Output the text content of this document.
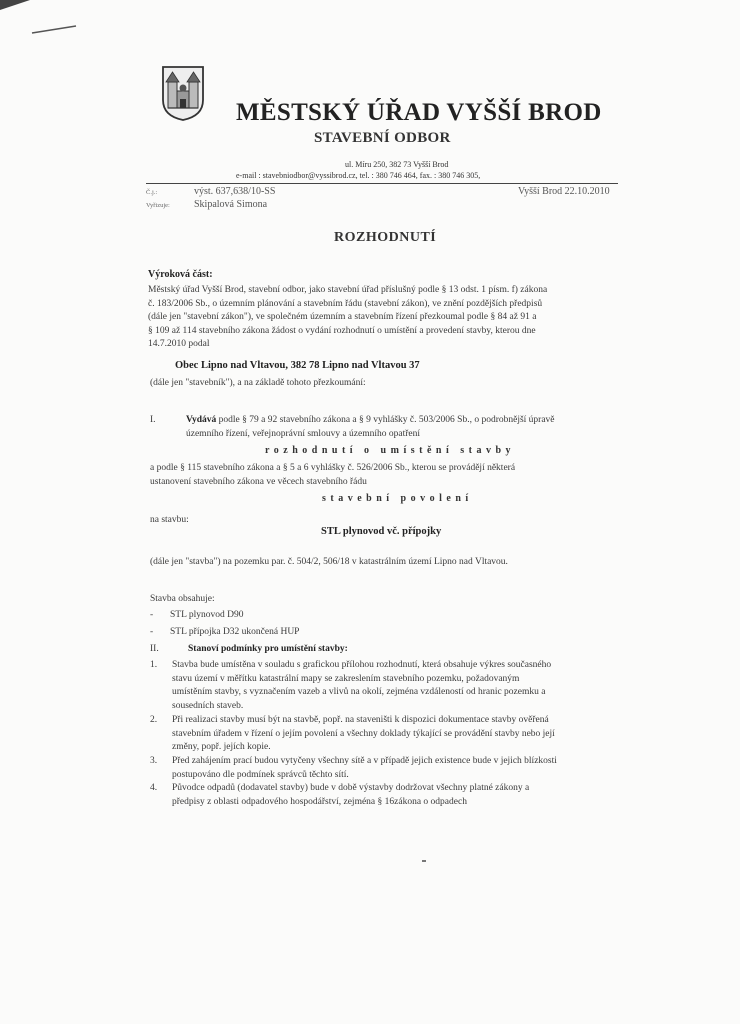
MĚSTSKÝ ÚŘAD VYŠŠÍ BROD
STAVEBNÍ ODBOR
ul. Míru 250, 382 73 Vyšší Brod
e-mail : stavebniodbor@vyssibrod.cz, tel. : 380 746 464, fax. : 380 746 305,
Č.j.:	výst. 637,638/10-SS
Vyřizuje: Skipalová Simona
Vyšší Brod 22.10.2010
ROZHODNUTÍ
Výroková část:
Městský úřad Vyšší Brod, stavební odbor, jako stavební úřad příslušný podle § 13 odst. 1 písm. f) zákona
č. 183/2006 Sb., o územním plánování a stavebním řádu (stavební zákon), ve znění pozdějších předpisů
(dále jen "stavební zákon"), ve společném územním a stavebním řízení přezkoumal podle § 84 až 91 a
§ 109 až 114 stavebního zákona žádost o vydání rozhodnutí o umístění a provedení stavby, kterou dne
14.7.2010 podal
Obec Lipno nad Vltavou, 382 78 Lipno nad Vltavou 37
(dále jen "stavebník"), a na základě tohoto přezkoumání:
I.	Vydává podle § 79 a 92 stavebního zákona a § 9 vyhlášky č. 503/2006 Sb., o podrobnější úpravě
územního řízení, veřejnoprávní smlouvy a územního opatření
rozhodnutí o umístění stavby
a podle § 115 stavebního zákona a § 5 a 6 vyhlášky č. 526/2006 Sb., kterou se provádějí některá
ustanovení stavebního zákona ve věcech stavebního řádu
stavební povolení
na stavbu:
STL plynovod vč. přípojky
(dále jen "stavba") na pozemku par. č. 504/2, 506/18 v katastrálním území Lipno nad Vltavou.
Stavba obsahuje:
- STL plynovod D90
- STL přípojka D32 ukončená HUP
II.	Stanoví podmínky pro umístění stavby:
1. Stavba bude umístěna v souladu s grafickou přílohou rozhodnutí, která obsahuje výkres současného
stavu území v měřítku katastrální mapy se zakreslením stavebního pozemku, požadovaným
umístěním stavby, s vyznačením vazeb a vlivů na okolí, zejména vzdáleností od hranic pozemku a
sousedních staveb.
2. Při realizaci stavby musí být na stavbě, popř. na staveništi k dispozici dokumentace stavby ověřená
stavebním úřadem v řízení o jejím povolení a všechny doklady týkající se provádění stavby nebo její
změny, popř. jejích kopie.
3. Před zahájením prací budou vytyčeny všechny sítě a v případě jejich existence bude v jejich blízkosti
postupováno dle podmínek správců těchto sítí.
4. Původce odpadů (dodavatel stavby) bude v době výstavby dodržovat všechny platné zákony a
předpisy z oblasti odpadového hospodářství, zejména § 16zákona o odpadech
